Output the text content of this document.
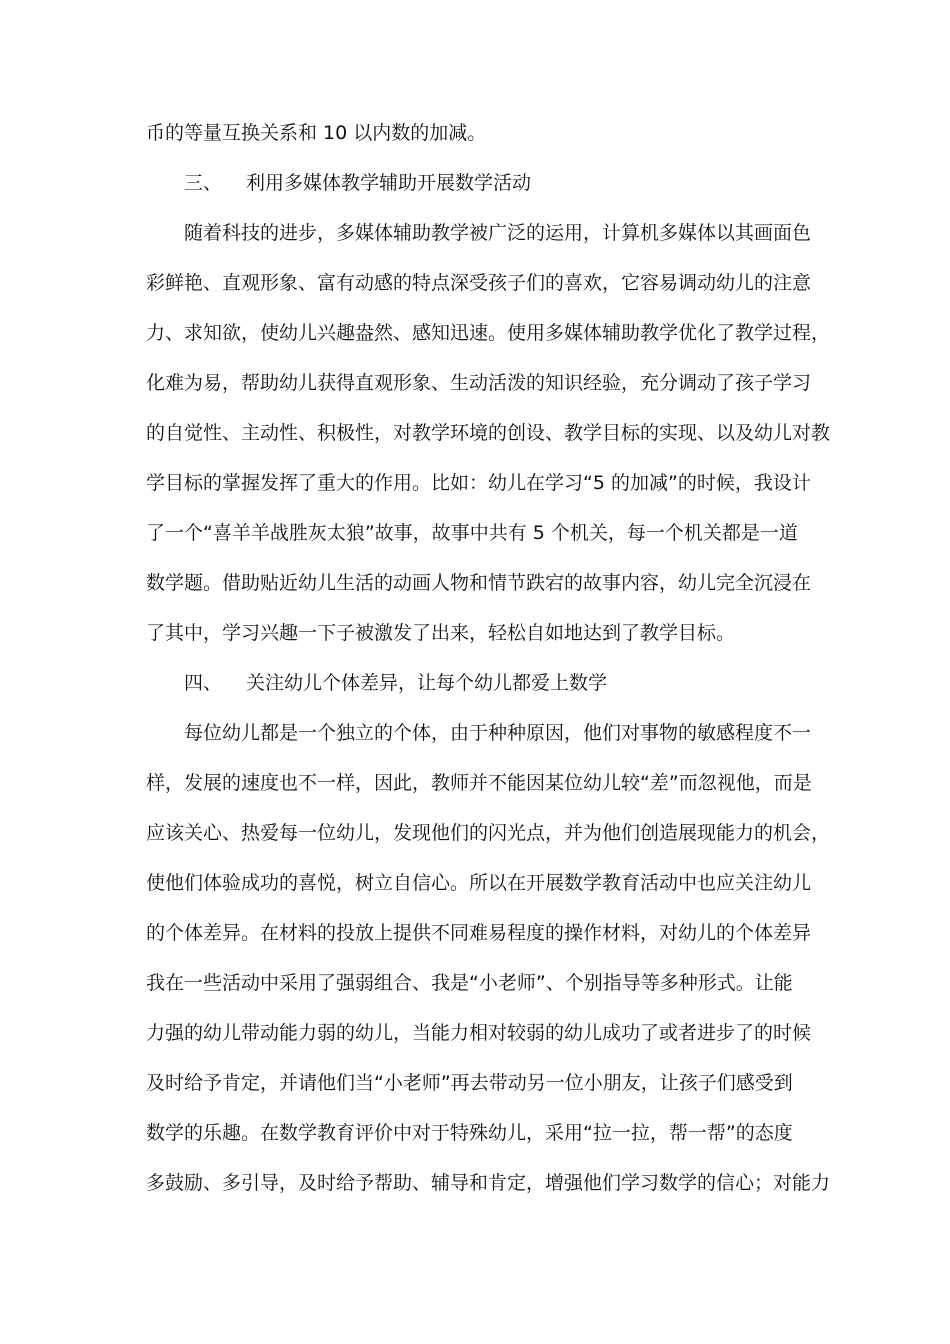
币的等量互换关系和 10 以内数的加减。
三、 利用多媒体教学辅助开展数学活动
随着科技的进步，多媒体辅助教学被广泛的运用，计算机多媒体以其画面色
彩鲜艳、直观形象、富有动感的特点深受孩子们的喜欢，它容易调动幼儿的注意
力、求知欲，使幼儿兴趣盎然、感知迅速。使用多媒体辅助教学优化了教学过程，
化难为易，帮助幼儿获得直观形象、生动活泼的知识经验，充分调动了孩子学习
的自觉性、主动性、积极性，对教学环境的创设、教学目标的实现、以及幼儿对教
学目标的掌握发挥了重大的作用。比如：幼儿在学习“5 的加减”的时候，我设计
了一个“喜羊羊战胜灰太狼”故事，故事中共有 5 个机关，每一个机关都是一道
数学题。借助贴近幼儿生活的动画人物和情节跌宕的故事内容，幼儿完全沉浸在
了其中，学习兴趣一下子被激发了出来，轻松自如地达到了教学目标。
四、 关注幼儿个体差异，让每个幼儿都爱上数学
每位幼儿都是一个独立的个体，由于种种原因，他们对事物的敏感程度不一
样，发展的速度也不一样，因此，教师并不能因某位幼儿较“差”而忽视他，而是
应该关心、热爱每一位幼儿，发现他们的闪光点，并为他们创造展现能力的机会，
使他们体验成功的喜悦，树立自信心。所以在开展数学教育活动中也应关注幼儿
的个体差异。在材料的投放上提供不同难易程度的操作材料，对幼儿的个体差异
我在一些活动中采用了强弱组合、我是“小老师”、个别指导等多种形式。让能
力强的幼儿带动能力弱的幼儿，当能力相对较弱的幼儿成功了或者进步了的时候
及时给予肯定，并请他们当“小老师”再去带动另一位小朋友，让孩子们感受到
数学的乐趣。在数学教育评价中对于特殊幼儿，采用“拉一拉，帮一帮”的态度
多鼓励、多引导，及时给予帮助、辅导和肯定，增强他们学习数学的信心；对能力
